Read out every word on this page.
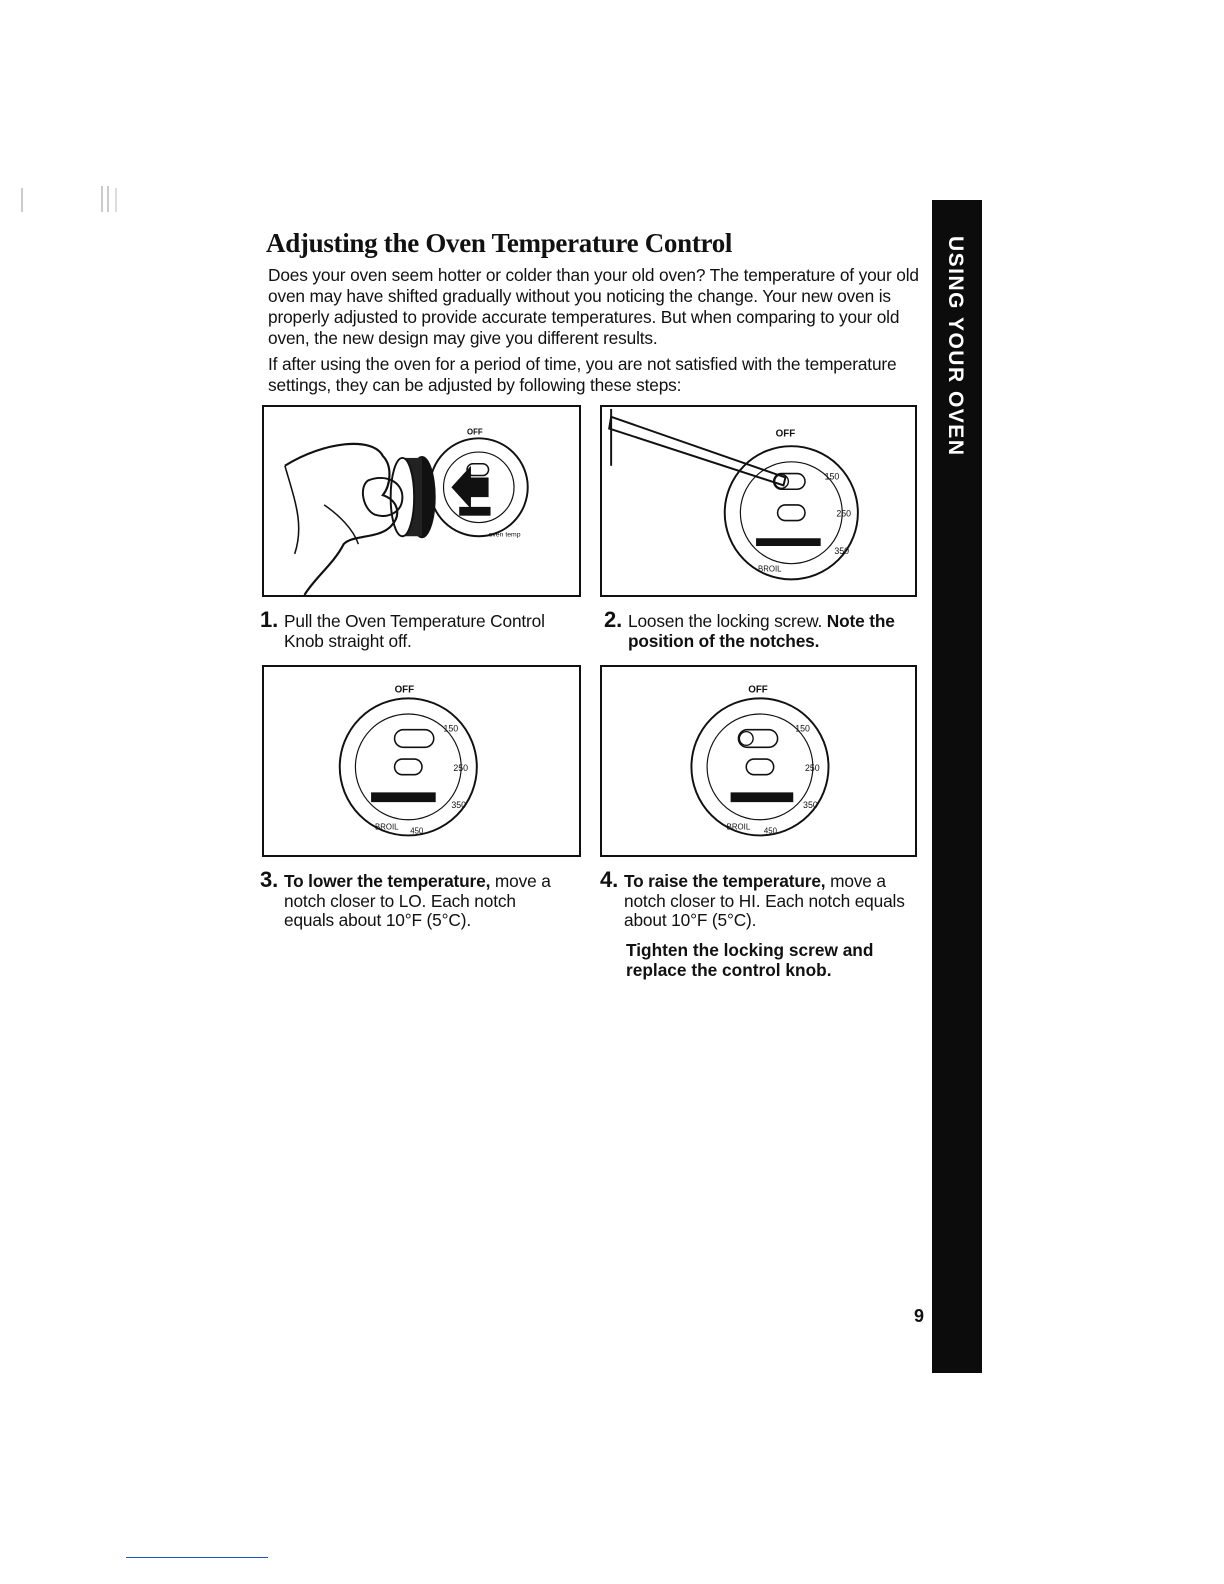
Adjusting the Oven Temperature Control

Does your oven seem hotter or colder than your old oven? The temperature of your old oven may have shifted gradually without you noticing the change. Your new oven is properly adjusted to provide accurate temperatures. But when comparing to your old oven, the new design may give you different results.

If after using the oven for a period of time, you are not satisfied with the temperature settings, they can be adjusted by following these steps:

OFF
oven temp
OFF
150
250
350
BROIL
OFF
150
250
350
BROIL 450
OFF
150
250
350
BROIL 450
1. Pull the Oven Temperature Control Knob straight off.
2. Loosen the locking screw. Note the position of the notches.
3. To lower the temperature, move a notch closer to LO. Each notch equals about 10°F (5°C).
4. To raise the temperature, move a notch closer to HI. Each notch equals about 10°F (5°C).

Tighten the locking screw and replace the control knob.

USING YOUR OVEN
9
